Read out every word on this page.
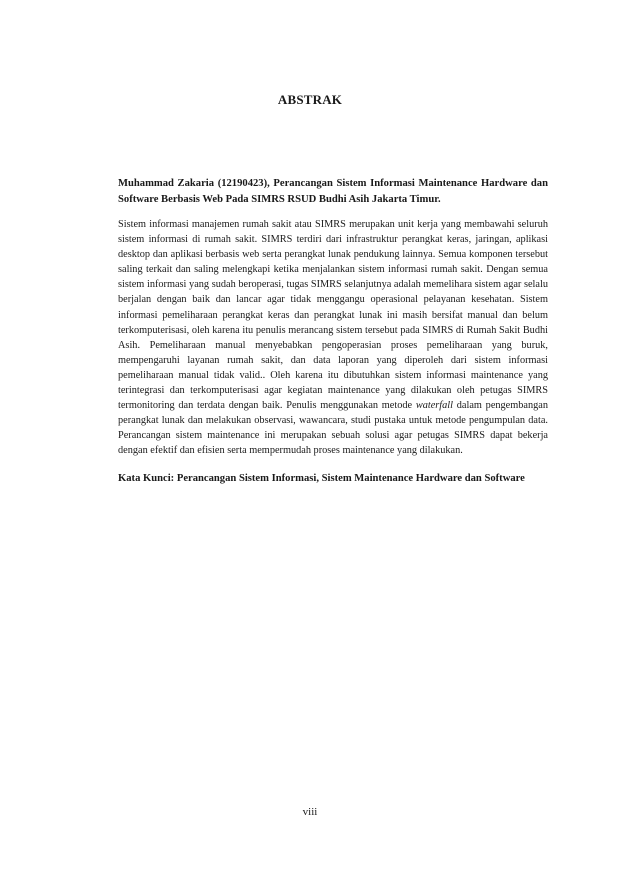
ABSTRAK

Muhammad Zakaria (12190423), Perancangan Sistem Informasi Maintenance Hardware dan Software Berbasis Web Pada SIMRS RSUD Budhi Asih Jakarta Timur.

Sistem informasi manajemen rumah sakit atau SIMRS merupakan unit kerja yang membawahi seluruh sistem informasi di rumah sakit. SIMRS terdiri dari infrastruktur perangkat keras, jaringan, aplikasi desktop dan aplikasi berbasis web serta perangkat lunak pendukung lainnya. Semua komponen tersebut saling terkait dan saling melengkapi ketika menjalankan sistem informasi rumah sakit. Dengan semua sistem informasi yang sudah beroperasi, tugas SIMRS selanjutnya adalah memelihara sistem agar selalu berjalan dengan baik dan lancar agar tidak menggangu operasional pelayanan kesehatan. Sistem informasi pemeliharaan perangkat keras dan perangkat lunak ini masih bersifat manual dan belum terkomputerisasi, oleh karena itu penulis merancang sistem tersebut pada SIMRS di Rumah Sakit Budhi Asih. Pemeliharaan manual menyebabkan pengoperasian proses pemeliharaan yang buruk, mempengaruhi layanan rumah sakit, dan data laporan yang diperoleh dari sistem informasi pemeliharaan manual tidak valid.. Oleh karena itu dibutuhkan sistem informasi maintenance yang terintegrasi dan terkomputerisasi agar kegiatan maintenance yang dilakukan oleh petugas SIMRS termonitoring dan terdata dengan baik. Penulis menggunakan metode waterfall dalam pengembangan perangkat lunak dan melakukan observasi, wawancara, studi pustaka untuk metode pengumpulan data. Perancangan sistem maintenance ini merupakan sebuah solusi agar petugas SIMRS dapat bekerja dengan efektif dan efisien serta mempermudah proses maintenance yang dilakukan.

Kata Kunci: Perancangan Sistem Informasi, Sistem Maintenance Hardware dan Software

viii
